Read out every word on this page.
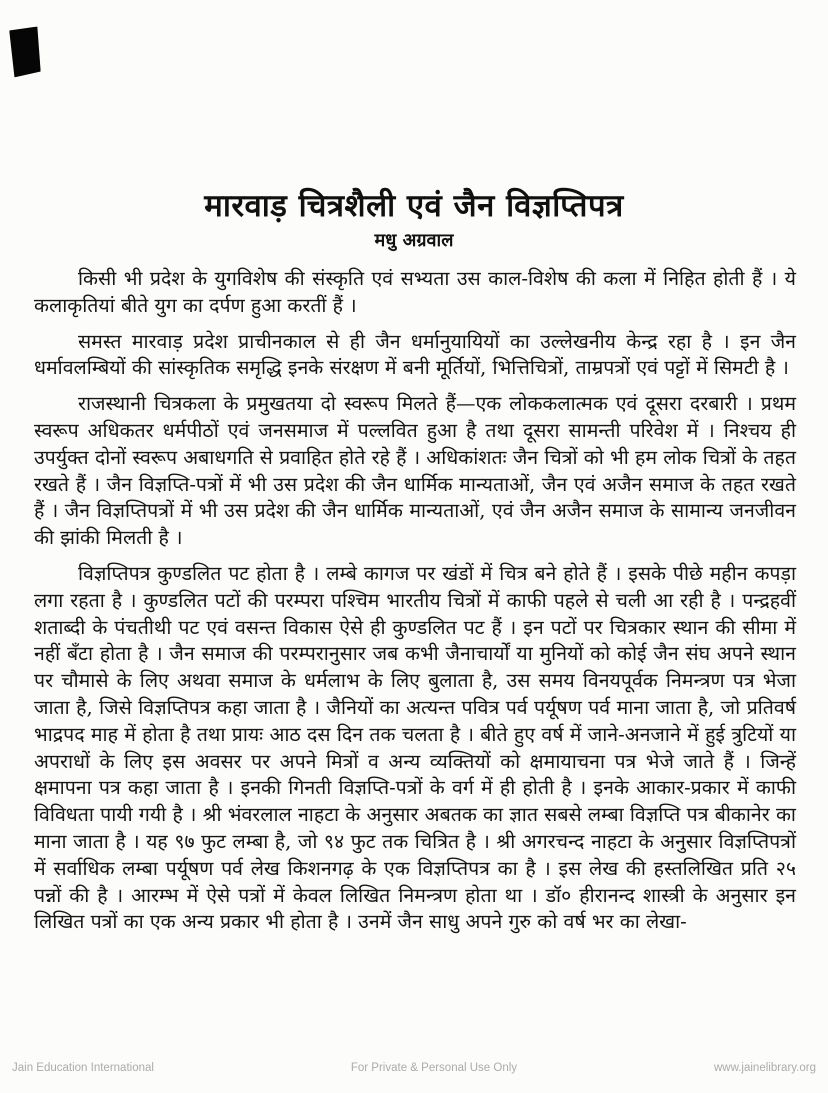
मारवाड़ चित्रशैली एवं जैन विज्ञप्तिपत्र
मधु अग्रवाल

किसी भी प्रदेश के युगविशेष की संस्कृति एवं सभ्यता उस काल-विशेष की कला में निहित होती हैं । ये कलाकृतियां बीते युग का दर्पण हुआ करतीं हैं ।

समस्त मारवाड़ प्रदेश प्राचीनकाल से ही जैन धर्मानुयायियों का उल्लेखनीय केन्द्र रहा है । इन जैन धर्मावलम्बियों की सांस्कृतिक समृद्धि इनके संरक्षण में बनी मूर्तियों, भित्तिचित्रों, ताम्रपत्रों एवं पट्टों में सिमटी है ।

राजस्थानी चित्रकला के प्रमुखतया दो स्वरूप मिलते हैं—एक लोककलात्मक एवं दूसरा दरबारी । प्रथम स्वरूप अधिकतर धर्मपीठों एवं जनसमाज में पल्लवित हुआ है तथा दूसरा सामन्ती परिवेश में । निश्चय ही उपर्युक्त दोनों स्वरूप अबाधगति से प्रवाहित होते रहे हैं । अधिकांशतः जैन चित्रों को भी हम लोक चित्रों के तहत रखते हैं । जैन विज्ञप्ति-पत्रों में भी उस प्रदेश की जैन धार्मिक मान्यताओं, जैन एवं अजैन समाज के तहत रखते हैं । जैन विज्ञप्तिपत्रों में भी उस प्रदेश की जैन धार्मिक मान्यताओं, एवं जैन अजैन समाज के सामान्य जनजीवन की झांकी मिलती है ।

विज्ञप्तिपत्र कुण्डलित पट होता है । लम्बे कागज पर खंडों में चित्र बने होते हैं । इसके पीछे महीन कपड़ा लगा रहता है । कुण्डलित पटों की परम्परा पश्चिम भारतीय चित्रों में काफी पहले से चली आ रही है । पन्द्रहवीं शताब्दी के पंचतीथी पट एवं वसन्त विकास ऐसे ही कुण्डलित पट हैं । इन पटों पर चित्रकार स्थान की सीमा में नहीं बँटा होता है । जैन समाज की परम्परानुसार जब कभी जैनाचार्यों या मुनियों को कोई जैन संघ अपने स्थान पर चौमासे के लिए अथवा समाज के धर्मलाभ के लिए बुलाता है, उस समय विनयपूर्वक निमन्त्रण पत्र भेजा जाता है, जिसे विज्ञप्तिपत्र कहा जाता है । जैनियों का अत्यन्त पवित्र पर्व पर्यूषण पर्व माना जाता है, जो प्रतिवर्ष भाद्रपद माह में होता है तथा प्रायः आठ दस दिन तक चलता है । बीते हुए वर्ष में जाने-अनजाने में हुई त्रुटियों या अपराधों के लिए इस अवसर पर अपने मित्रों व अन्य व्यक्तियों को क्षमायाचना पत्र भेजे जाते हैं । जिन्हें क्षमापना पत्र कहा जाता है । इनकी गिनती विज्ञप्ति-पत्रों के वर्ग में ही होती है । इनके आकार-प्रकार में काफी विविधता पायी गयी है । श्री भंवरलाल नाहटा के अनुसार अबतक का ज्ञात सबसे लम्बा विज्ञप्ति पत्र बीकानेर का माना जाता है । यह ९७ फुट लम्बा है, जो ९४ फुट तक चित्रित है । श्री अगरचन्द नाहटा के अनुसार विज्ञप्तिपत्रों में सर्वाधिक लम्बा पर्यूषण पर्व लेख किशनगढ़ के एक विज्ञप्तिपत्र का है । इस लेख की हस्तलिखित प्रति २५ पन्नों की है । आरम्भ में ऐसे पत्रों में केवल लिखित निमन्त्रण होता था । डॉ० हीरानन्द शास्त्री के अनुसार इन लिखित पत्रों का एक अन्य प्रकार भी होता है । उनमें जैन साधु अपने गुरु को वर्ष भर का लेखा-

Jain Education International	For Private & Personal Use Only	www.jainelibrary.org
